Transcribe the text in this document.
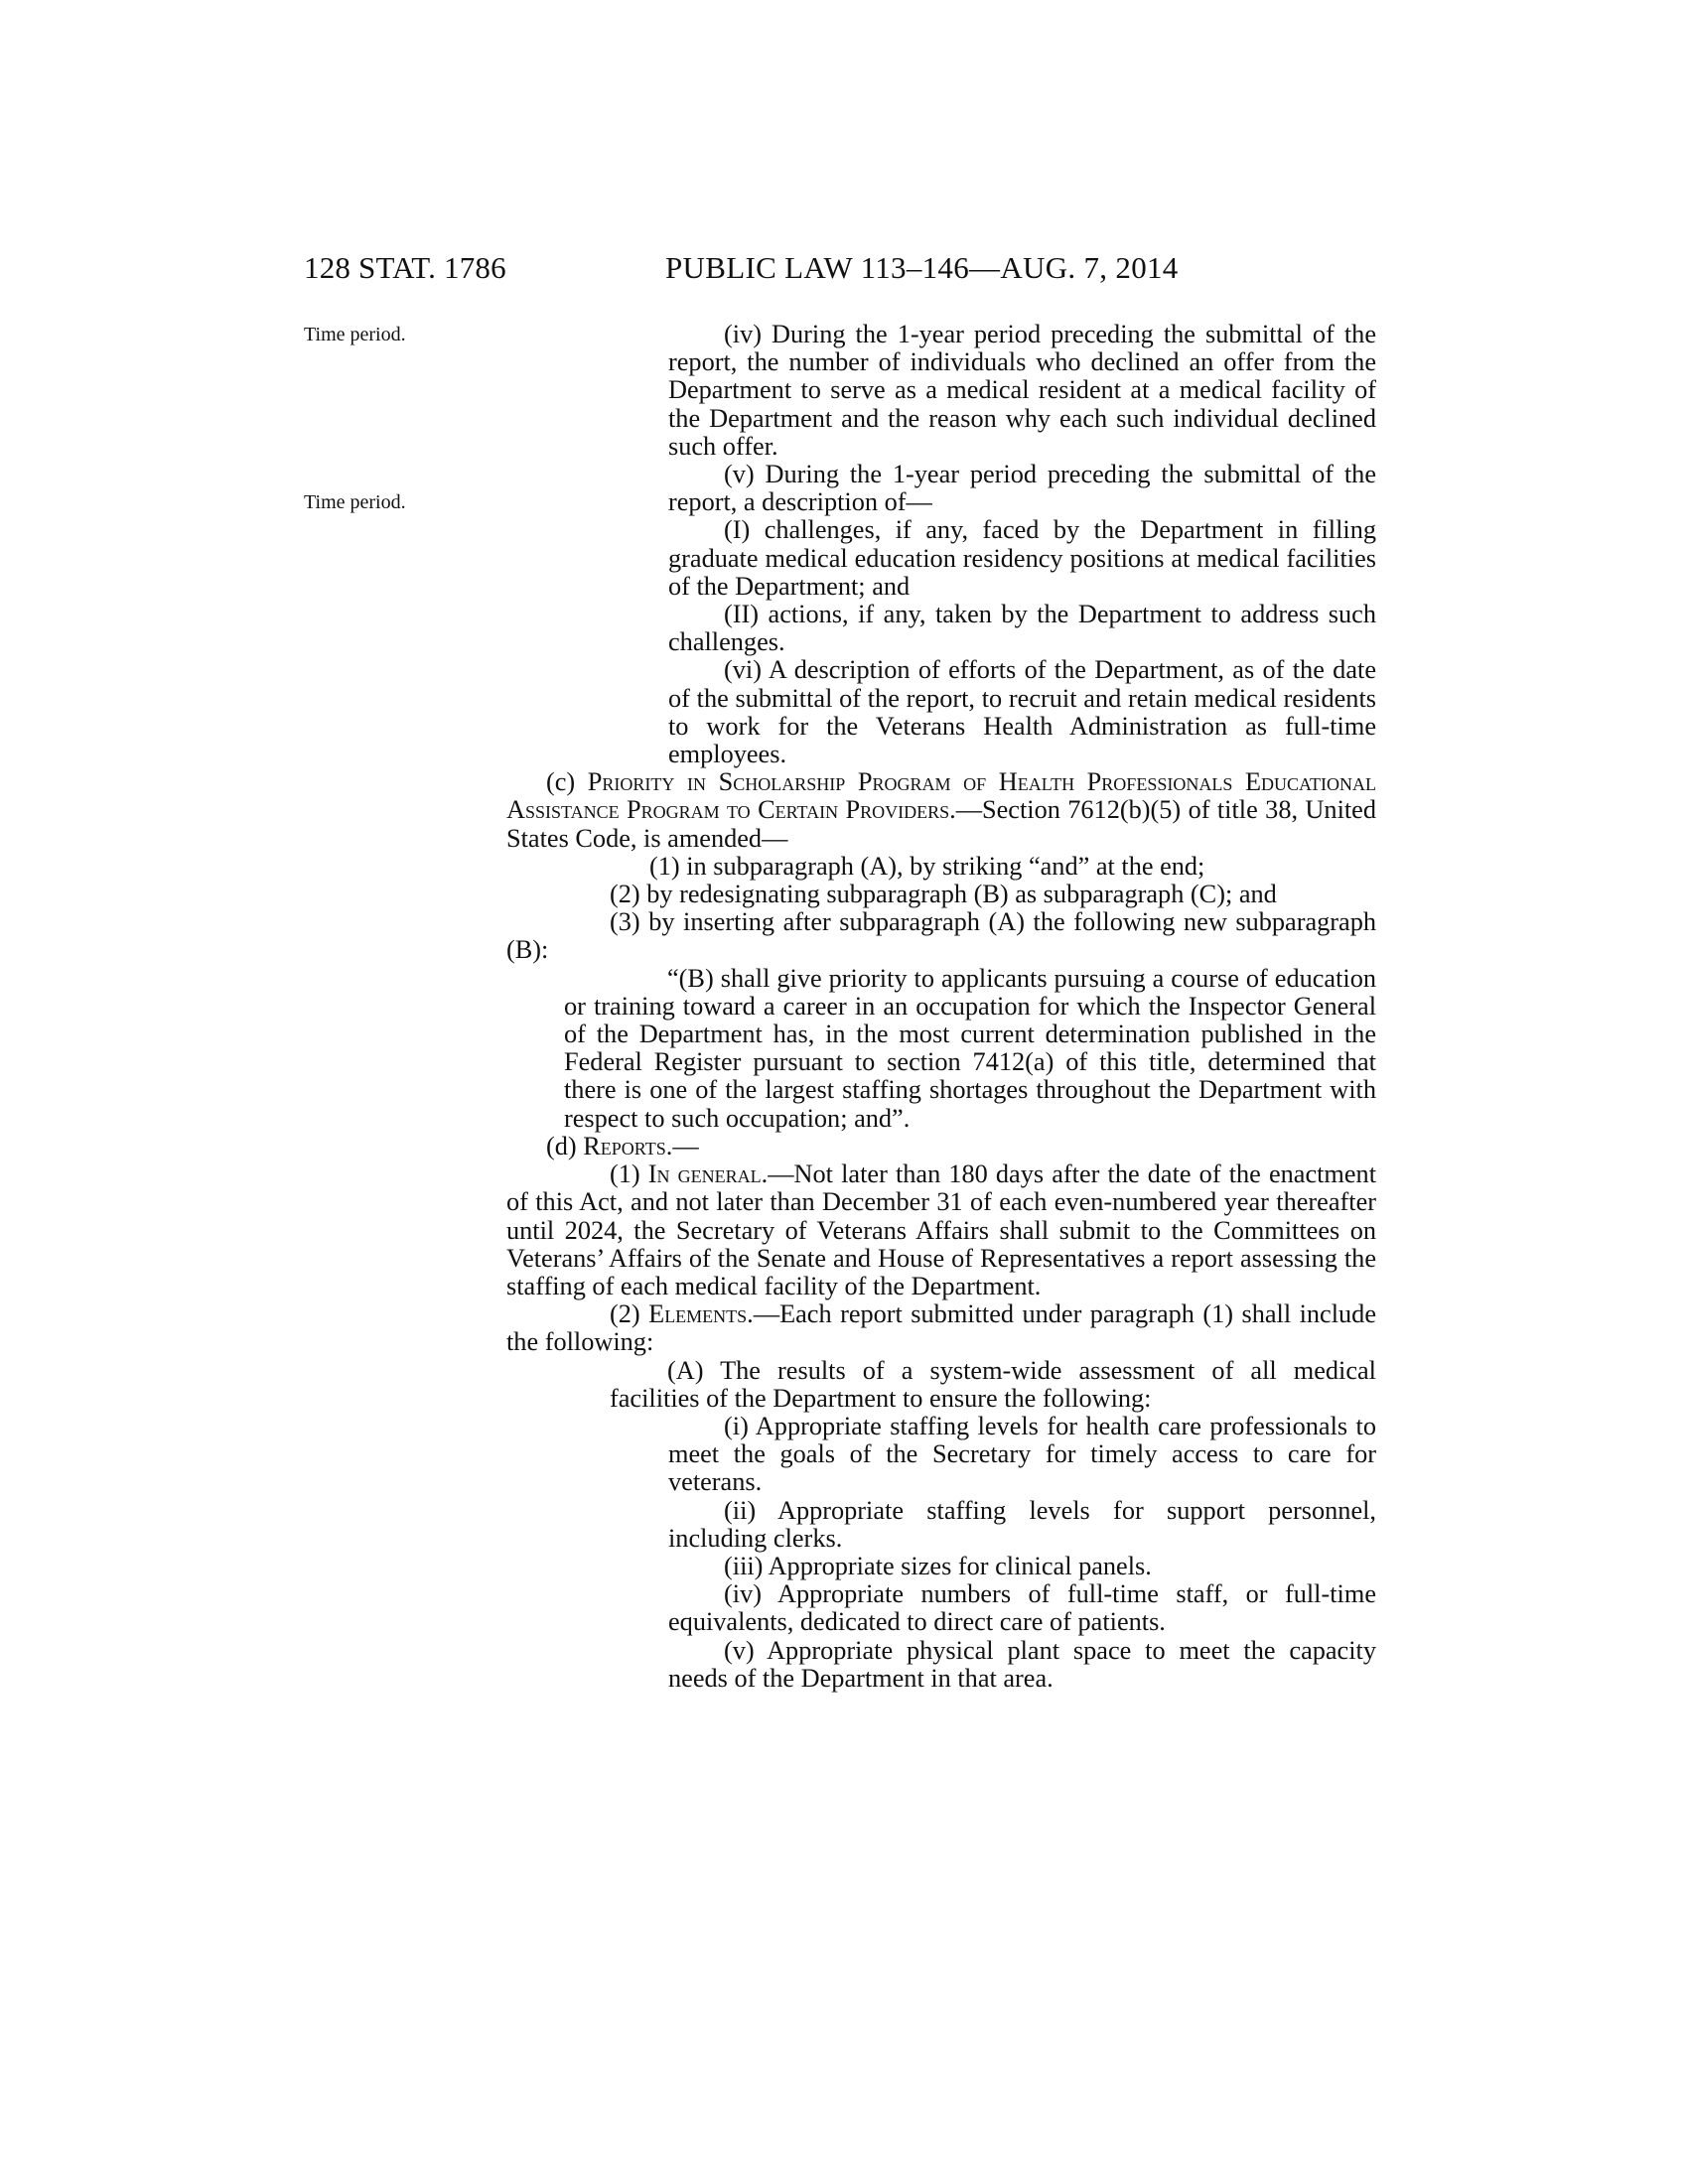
128 STAT. 1786	PUBLIC LAW 113–146—AUG. 7, 2014
Time period.
Time period.

(iv) During the 1-year period preceding the submittal of the report, the number of individuals who declined an offer from the Department to serve as a medical resident at a medical facility of the Department and the reason why each such individual declined such offer.

(v) During the 1-year period preceding the submittal of the report, a description of—

(I) challenges, if any, faced by the Department in filling graduate medical education residency positions at medical facilities of the Department; and

(II) actions, if any, taken by the Department to address such challenges.

(vi) A description of efforts of the Department, as of the date of the submittal of the report, to recruit and retain medical residents to work for the Veterans Health Administration as full-time employees.

(c) Priority in Scholarship Program of Health Professionals Educational Assistance Program to Certain Providers.—Section 7612(b)(5) of title 38, United States Code, is amended—

(1) in subparagraph (A), by striking “and” at the end;

(2) by redesignating subparagraph (B) as subparagraph (C); and

(3) by inserting after subparagraph (A) the following new subparagraph (B):

“(B) shall give priority to applicants pursuing a course of education or training toward a career in an occupation for which the Inspector General of the Department has, in the most current determination published in the Federal Register pursuant to section 7412(a) of this title, determined that there is one of the largest staffing shortages throughout the Department with respect to such occupation; and”.

(d) Reports.—

(1) In general.—Not later than 180 days after the date of the enactment of this Act, and not later than December 31 of each even-numbered year thereafter until 2024, the Secretary of Veterans Affairs shall submit to the Committees on Veterans’ Affairs of the Senate and House of Representatives a report assessing the staffing of each medical facility of the Department.

(2) Elements.—Each report submitted under paragraph (1) shall include the following:

(A) The results of a system-wide assessment of all medical facilities of the Department to ensure the following:

(i) Appropriate staffing levels for health care professionals to meet the goals of the Secretary for timely access to care for veterans.

(ii) Appropriate staffing levels for support personnel, including clerks.

(iii) Appropriate sizes for clinical panels.

(iv) Appropriate numbers of full-time staff, or full-time equivalents, dedicated to direct care of patients.

(v) Appropriate physical plant space to meet the capacity needs of the Department in that area.
